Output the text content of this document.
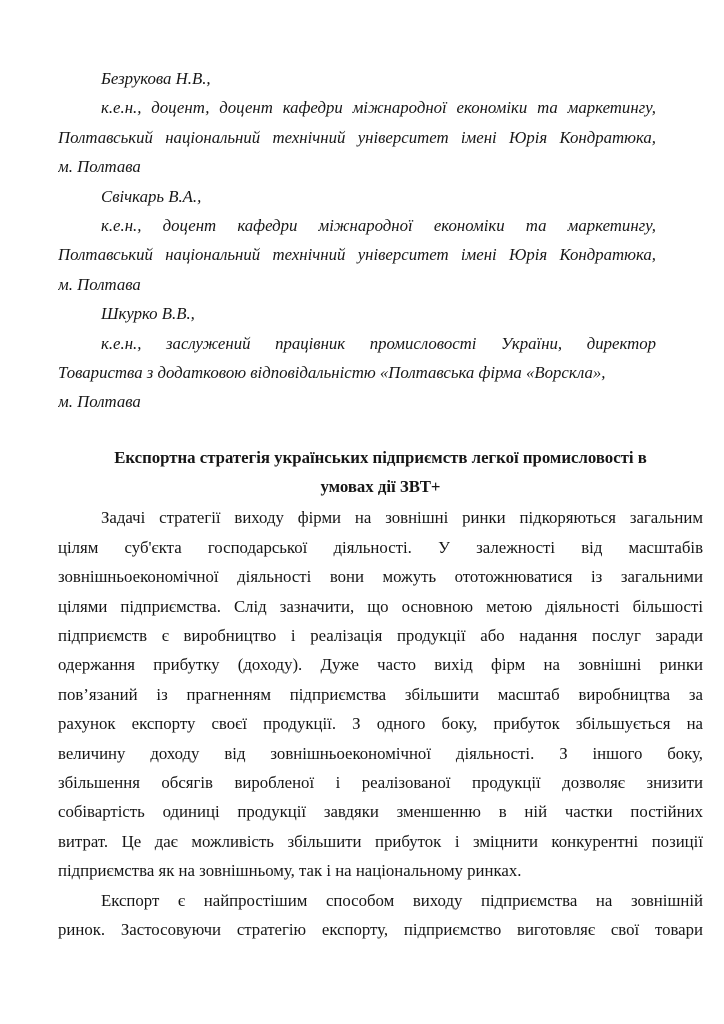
Безрукова Н.В.,
к.е.н., доцент, доцент кафедри міжнародної економіки та маркетингу,
Полтавський національний технічний університет імені Юрія Кондратюка,
м. Полтава
Свічкарь В.А.,
к.е.н., доцент кафедри міжнародної економіки та маркетингу,
Полтавський національний технічний університет імені Юрія Кондратюка,
м. Полтава
Шкурко В.В.,
к.е.н., заслужений працівник промисловості України, директор
Товариства з додатковою відповідальністю «Полтавська фірма «Ворскла»,
м. Полтава
Експортна стратегія українських підприємств легкої промисловості в
умовах дії ЗВТ+
Задачі стратегії виходу фірми на зовнішні ринки підкоряються загальним
цілям суб'єкта господарської діяльності. У залежності від масштабів
зовнішньоекономічної діяльності вони можуть ототожнюватися із загальними
цілями підприємства. Слід зазначити, що основною метою діяльності більшості
підприємств є виробництво і реалізація продукції або надання послуг заради
одержання прибутку (доходу). Дуже часто вихід фірм на зовнішні ринки
пов’язаний із прагненням підприємства збільшити масштаб виробництва за
рахунок експорту своєї продукції. З одного боку, прибуток збільшується на
величину доходу від зовнішньоекономічної діяльності. З іншого боку,
збільшення обсягів виробленої і реалізованої продукції дозволяє знизити
собівартість одиниці продукції завдяки зменшенню в ній частки постійних
витрат. Це дає можливість збільшити прибуток і зміцнити конкурентні позиції
підприємства як на зовнішньому, так і на національному ринках.
Експорт є найпростішим способом виходу підприємства на зовнішній
ринок. Застосовуючи стратегію експорту, підприємство виготовляє свої товари
